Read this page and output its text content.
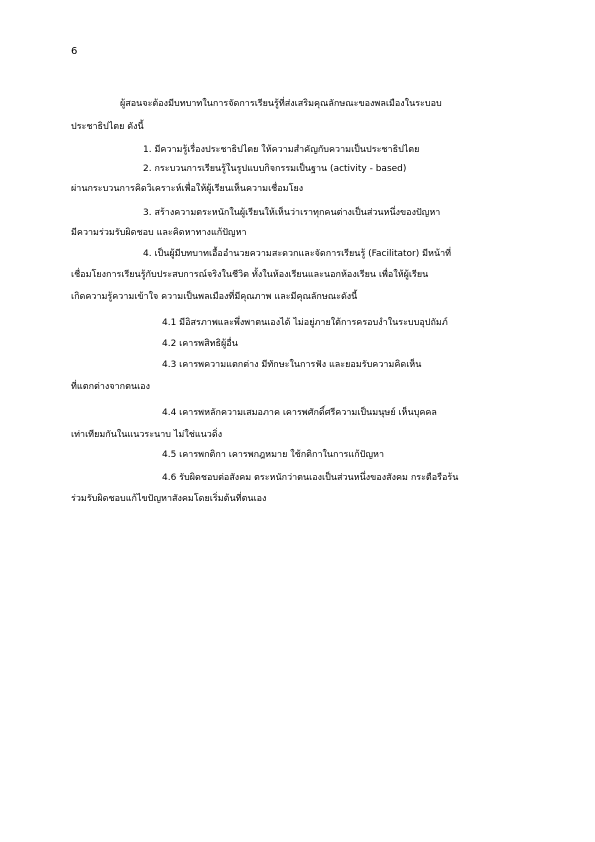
6

ผู้สอนจะต้องมีบทบาทในการจัดการเรียนรู้ที่ส่งเสริมคุณลักษณะของพลเมืองในระบอบ

ประชาธิปไตย ดังนี้

1. มีความรู้เรื่องประชาธิปไตย ให้ความสำคัญกับความเป็นประชาธิปไตย

2. กระบวนการเรียนรู้ในรูปแบบกิจกรรมเป็นฐาน (activity - based)

ผ่านกระบวนการคิดวิเคราะห์เพื่อให้ผู้เรียนเห็นความเชื่อมโยง

3. สร้างความตระหนักในผู้เรียนให้เห็นว่าเราทุกคนต่างเป็นส่วนหนึ่งของปัญหา

มีความร่วมรับผิดชอบ และคิดหาทางแก้ปัญหา

4. เป็นผู้มีบทบาทเอื้ออำนวยความสะดวกและจัดการเรียนรู้ (Facilitator) มีหน้าที่

เชื่อมโยงการเรียนรู้กับประสบการณ์จริงในชีวิต ทั้งในห้องเรียนและนอกห้องเรียน เพื่อให้ผู้เรียน

เกิดความรู้ความเข้าใจ ความเป็นพลเมืองที่มีคุณภาพ และมีคุณลักษณะดังนี้

4.1 มีอิสรภาพและพึ่งพาตนเองได้ ไม่อยู่ภายใต้การครอบงำในระบบอุปถัมภ์

4.2 เคารพสิทธิผู้อื่น

4.3 เคารพความแตกต่าง มีทักษะในการฟัง และยอมรับความคิดเห็น

ที่แตกต่างจากตนเอง

4.4 เคารพหลักความเสมอภาค เคารพศักดิ์ศรีความเป็นมนุษย์ เห็นบุคคล

เท่าเทียมกันในแนวระนาบ ไม่ใช่แนวดิ่ง

4.5 เคารพกติกา เคารพกฎหมาย ใช้กติกาในการแก้ปัญหา

4.6 รับผิดชอบต่อสังคม ตระหนักว่าตนเองเป็นส่วนหนึ่งของสังคม กระตือรือร้น

ร่วมรับผิดชอบแก้ไขปัญหาสังคมโดยเริ่มต้นที่ตนเอง
